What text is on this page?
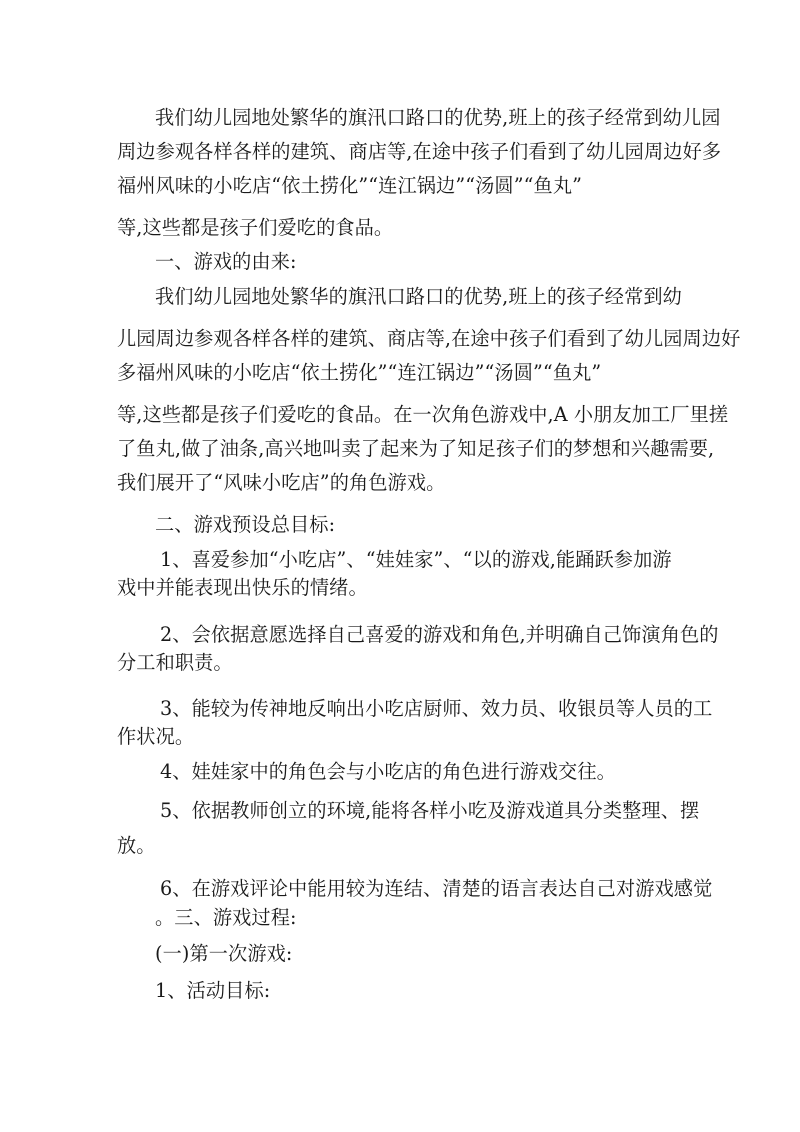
我们幼儿园地处繁华的旗汛口路口的优势,班上的孩子经常到幼儿园
周边参观各样各样的建筑、商店等,在途中孩子们看到了幼儿园周边好多
福州风味的小吃店“依土捞化”“连江锅边”“汤圆”“鱼丸”
等,这些都是孩子们爱吃的食品。
一、游戏的由来:
我们幼儿园地处繁华的旗汛口路口的优势,班上的孩子经常到幼
儿园周边参观各样各样的建筑、商店等,在途中孩子们看到了幼儿园周边好
多福州风味的小吃店“依土捞化”“连江锅边”“汤圆”“鱼丸”
等,这些都是孩子们爱吃的食品。在一次角色游戏中,A 小朋友加工厂里搓
了鱼丸,做了油条,高兴地叫卖了起来为了知足孩子们的梦想和兴趣需要,
我们展开了“风味小吃店”的角色游戏。
二、游戏预设总目标:
1、喜爱参加“小吃店”、“娃娃家”、“以的游戏,能踊跃参加游
戏中并能表现出快乐的情绪。
2、会依据意愿选择自己喜爱的游戏和角色,并明确自己饰演角色的
分工和职责。
3、能较为传神地反响出小吃店厨师、效力员、收银员等人员的工
作状况。
4、娃娃家中的角色会与小吃店的角色进行游戏交往。
5、依据教师创立的环境,能将各样小吃及游戏道具分类整理、摆
放。
6、在游戏评论中能用较为连结、清楚的语言表达自己对游戏感觉
。三、游戏过程:
(一)第一次游戏:
1、活动目标:
